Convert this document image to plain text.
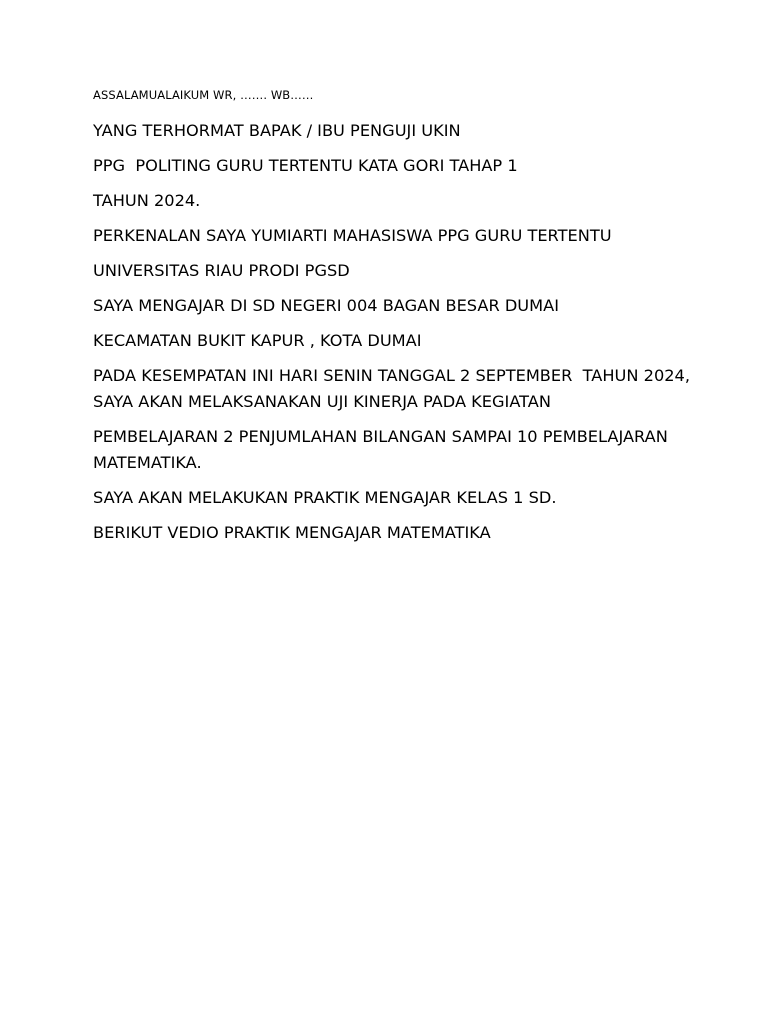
ASSALAMUALAIKUM WR, ……. WB……

YANG TERHORMAT BAPAK / IBU PENGUJI UKIN

PPG  POLITING GURU TERTENTU KATA GORI TAHAP 1

TAHUN 2024.

PERKENALAN SAYA YUMIARTI MAHASISWA PPG GURU TERTENTU

UNIVERSITAS RIAU PRODI PGSD

SAYA MENGAJAR DI SD NEGERI 004 BAGAN BESAR DUMAI

KECAMATAN BUKIT KAPUR , KOTA DUMAI

PADA KESEMPATAN INI HARI SENIN TANGGAL 2 SEPTEMBER  TAHUN 2024, SAYA AKAN MELAKSANAKAN UJI KINERJA PADA KEGIATAN

PEMBELAJARAN 2 PENJUMLAHAN BILANGAN SAMPAI 10 PEMBELAJARAN MATEMATIKA.

SAYA AKAN MELAKUKAN PRAKTIK MENGAJAR KELAS 1 SD.

BERIKUT VEDIO PRAKTIK MENGAJAR MATEMATIKA
